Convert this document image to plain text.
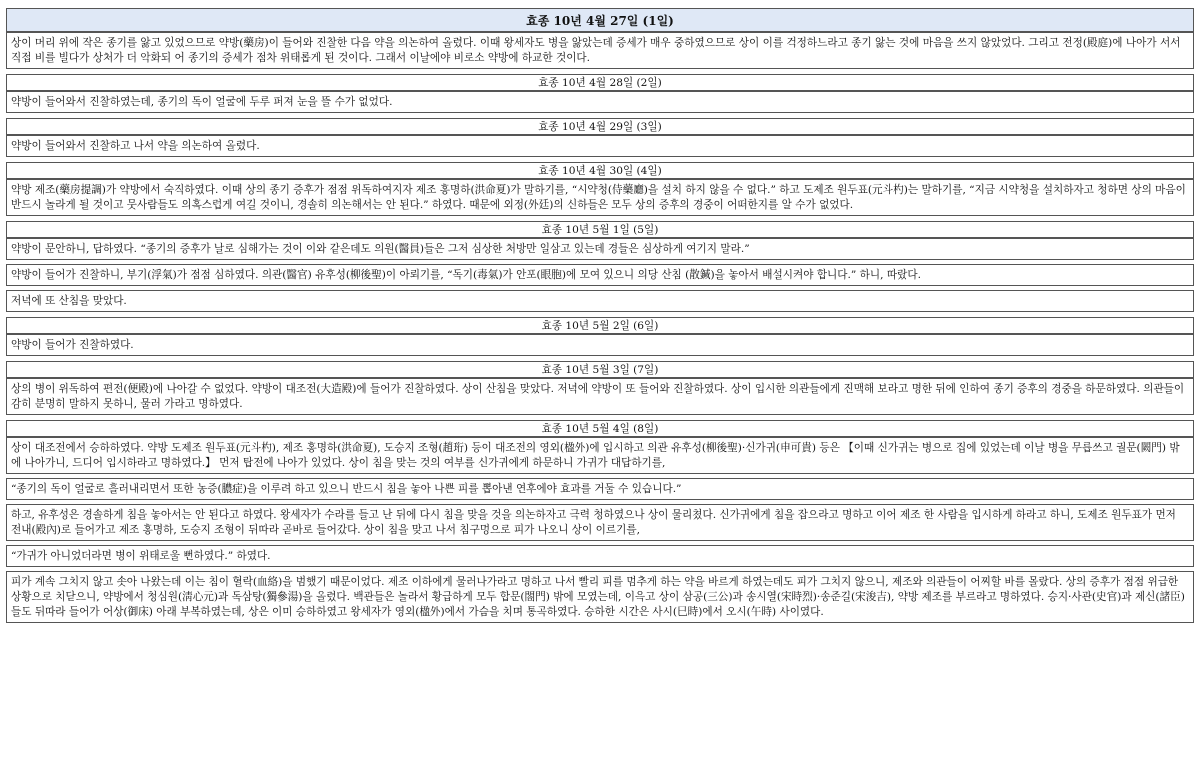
효종 10년 4월 27일 (1일)
상이 머리 위에 작은 종기를 앓고 있었으므로 약방(藥房)이 들어와 진찰한 다음 약을 의논하여 올렸다. 이때 왕세자도 병을 앓았는데 증세가 매우 중하였으므로 상이 이를 걱정하느라고 종기 앓는 것에 마음을 쓰지 않았었다. 그리고 전정(殿庭)에 나아가 서서 직접 비를 빌다가 상처가 더 악화되 어 종기의 증세가 점차 위태롭게 된 것이다. 그래서 이날에야 비로소 약방에 하교한 것이다.
효종 10년 4월 28일 (2일)
약방이 들어와서 진찰하였는데, 종기의 독이 얼굴에 두루 퍼져 눈을 뜰 수가 없었다.
효종 10년 4월 29일 (3일)
약방이 들어와서 진찰하고 나서 약을 의논하여 올렸다.
효종 10년 4월 30일 (4일)
약방 제조(藥房提調)가 약방에서 숙직하였다. 이때 상의 종기 증후가 점점 위독하여지자 제조 홍명하(洪命夏)가 말하기를, “시약청(侍藥廳)을 설치 하지 않을 수 없다.” 하고 도제조 원두표(元斗杓)는 말하기를, “지금 시약청을 설치하자고 청하면 상의 마음이 반드시 놀라게 될 것이고 뭇사람들도 의혹스럽게 여길 것이니, 경솔히 의논해서는 안 된다.” 하였다. 때문에 외정(外廷)의 신하들은 모두 상의 증후의 경중이 어떠한지를 알 수가 없었다.
효종 10년 5월 1일 (5일)
약방이 문안하니, 답하였다. “종기의 증후가 날로 심해가는 것이 이와 같은데도 의원(醫員)들은 그저 심상한 처방만 일삼고 있는데 경들은 심상하게 여기지 말라.”
약방이 들어가 진찰하니, 부기(浮氣)가 점점 심하였다. 의관(醫官) 유후성(柳後聖)이 아뢰기를, “독기(毒氣)가 안포(眼胞)에 모여 있으니 의당 산침 (散鍼)을 놓아서 배설시켜야 합니다.” 하니, 따랐다.
저녁에 또 산침을 맞았다.
효종 10년 5월 2일 (6일)
약방이 들어가 진찰하였다.
효종 10년 5월 3일 (7일)
상의 병이 위독하여 편전(便殿)에 나아갈 수 없었다. 약방이 대조전(大造殿)에 들어가 진찰하였다. 상이 산침을 맞았다. 저녁에 약방이 또 들어와 진찰하였다. 상이 입시한 의관들에게 진맥해 보라고 명한 뒤에 인하여 종기 증후의 경중을 하문하였다. 의관들이 감히 분명히 말하지 못하니, 물러 가라고 명하였다.
효종 10년 5월 4일 (8일)
상이 대조전에서 승하하였다. 약방 도제조 원두표(元斗杓), 제조 홍명하(洪命夏), 도승지 조형(趙珩) 등이 대조전의 영외(楹外)에 입시하고 의관 유후성(柳後聖)·신가귀(申可貴) 등은 【이때 신가귀는 병으로 집에 있었는데 이날 병을 무릅쓰고 궐문(闕門) 밖에 나아가니, 드디어 입시하라고 명하였다.】 먼저 탑전에 나아가 있었다. 상이 침을 맞는 것의 여부를 신가귀에게 하문하니 가귀가 대답하기를,
“종기의 독이 얼굴로 흘러내리면서 또한 농증(膿症)을 이루려 하고 있으니 반드시 침을 놓아 나쁜 피를 뽑아낸 연후에야 효과를 거둘 수 있습니다.”
하고, 유후성은 경솔하게 침을 놓아서는 안 된다고 하였다. 왕세자가 수라를 들고 난 뒤에 다시 침을 맞을 것을 의논하자고 극력 청하였으나 상이 물리쳤다. 신가귀에게 침을 잡으라고 명하고 이어 제조 한 사람을 입시하게 하라고 하니, 도제조 원두표가 먼저 전내(殿內)로 들어가고 제조 홍명하, 도승지 조형이 뒤따라 곧바로 들어갔다. 상이 침을 맞고 나서 침구멍으로 피가 나오니 상이 이르기를,
“가귀가 아니었더라면 병이 위태로울 뻔하였다.” 하였다.
피가 계속 그치지 않고 솟아 나왔는데 이는 침이 혈락(血絡)을 범했기 때문이었다. 제조 이하에게 물러나가라고 명하고 나서 빨리 피를 멈추게 하는 약을 바르게 하였는데도 피가 그치지 않으니, 제조와 의관들이 어찌할 바를 몰랐다. 상의 증후가 점점 위급한 상황으로 치닫으니, 약방에서 청심원(淸心元)과 독삼탕(獨參湯)을 올렸다. 백관들은 놀라서 황급하게 모두 합문(閤門) 밖에 모였는데, 이윽고 상이 삼공(三公)과 송시열(宋時烈)·송준길(宋浚吉), 약방 제조를 부르라고 명하였다. 승지·사관(史官)과 제신(諸臣)들도 뒤따라 들어가 어상(御床) 아래 부복하였는데, 상은 이미 승하하였고 왕세자가 영외(楹外)에서 가슴을 치며 통곡하였다. 승하한 시간은 사시(巳時)에서 오시(午時) 사이였다.
